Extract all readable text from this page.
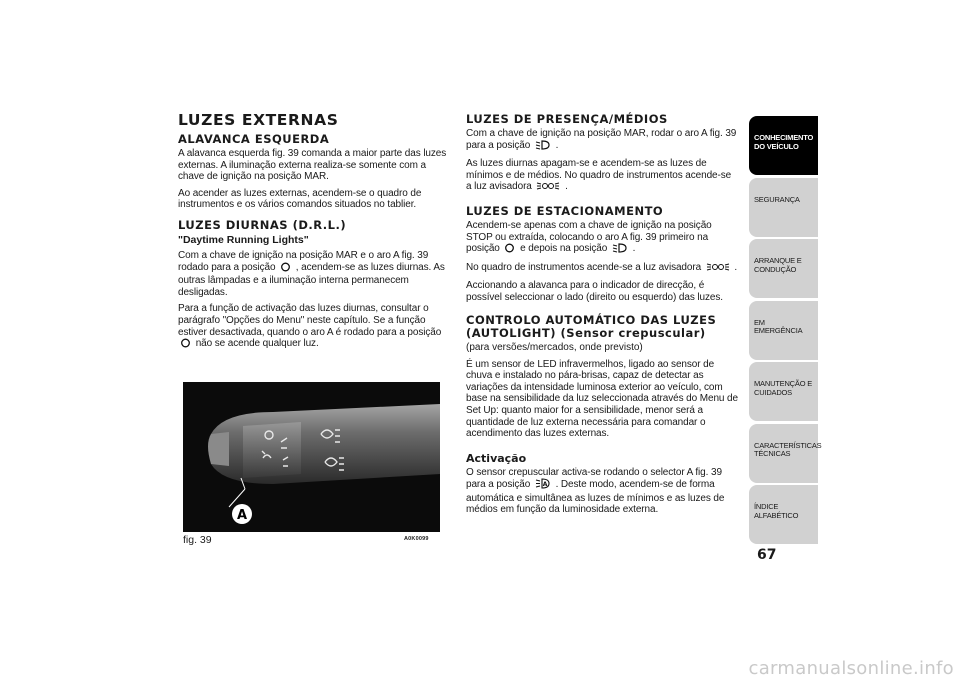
LUZES EXTERNAS
ALAVANCA ESQUERDA

A alavanca esquerda fig. 39 comanda a maior parte das luzes externas. A iluminação externa realiza-se somente com a chave de ignição na posição MAR.

Ao acender as luzes externas, acendem-se o quadro de instrumentos e os vários comandos situados no tablier.

LUZES DIURNAS (D.R.L.)
"Daytime Running Lights"

Com a chave de ignição na posição MAR e o aro A fig. 39 rodado para a posição , acendem-se as luzes diurnas. As outras lâmpadas e a iluminação interna permanecem desligadas.

Para a função de activação das luzes diurnas, consultar o parágrafo "Opções do Menu" neste capítulo. Se a função estiver desactivada, quando o aro A é rodado para a posição  não se acende qualquer luz.

A
fig. 39	A0K0099
LUZES DE PRESENÇA/MÉDIOS

Com a chave de ignição na posição MAR, rodar o aro A fig. 39 para a posição	.

As luzes diurnas apagam-se e acendem-se as luzes de mínimos e de médios. No quadro de instrumentos acende-se a luz avisadora	.

LUZES DE ESTACIONAMENTO

Acendem-se apenas com a chave de ignição na posição STOP ou extraída, colocando o aro A fig. 39 primeiro na posição e depois na posição	.

No quadro de instrumentos acende-se a luz avisadora	.

Accionando a alavanca para o indicador de direcção, é possível seleccionar o lado (direito ou esquerdo) das luzes.

CONTROLO AUTOMÁTICO DAS LUZES (AUTOLIGHT) (Sensor crepuscular)
(para versões/mercados, onde previsto)

É um sensor de LED infravermelhos, ligado ao sensor de chuva e instalado no pára-brisas, capaz de detectar as variações da intensidade luminosa exterior ao veículo, com base na sensibilidade da luz seleccionada através do Menu de Set Up: quanto maior for a sensibilidade, menor será a quantidade de luz externa necessária para comandar o acendimento das luzes externas.

Activação

O sensor crepuscular activa-se rodando o selector A fig. 39 para a posição A . Deste modo, acendem-se de forma automática e simultânea as luzes de mínimos e as luzes de médios em função da luminosidade externa.

CONHECIMENTO DO VEÍCULO
SEGURANÇA
ARRANQUE E CONDUÇÃO
EM EMERGÊNCIA
MANUTENÇÃO E CUIDADOS
CARACTERÍSTICAS TÉCNICAS
ÍNDICE ALFABÉTICO
67
carmanualsonline.info
